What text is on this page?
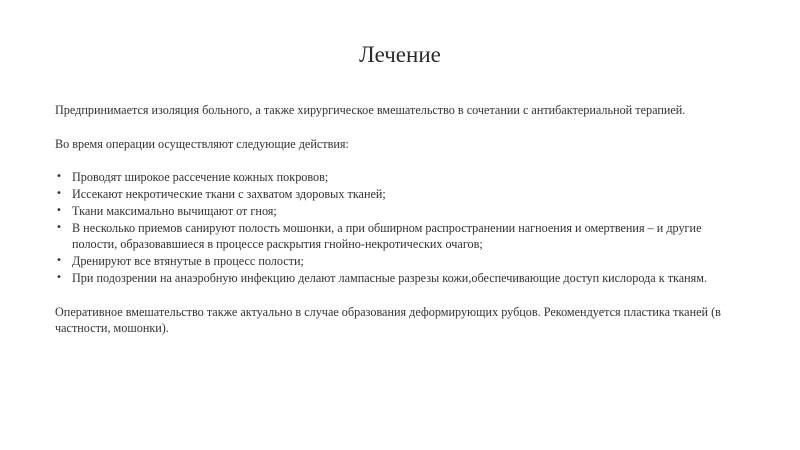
Лечение

Предпринимается изоляция больного, а также хирургическое вмешательство в сочетании с антибактериальной терапией.

Во время операции осуществляют следующие действия:

• Проводят широкое рассечение кожных покровов;
• Иссекают некротические ткани с захватом здоровых тканей;
• Ткани максимально вычищают от гноя;
• В несколько приемов санируют полость мошонки, а при обширном распространении нагноения и омертвения – и другие полости, образовавшиеся в процессе раскрытия гнойно-некротических очагов;
• Дренируют все втянутые в процесс полости;
• При подозрении на анаэробную инфекцию делают лампасные разрезы кожи,обеспечивающие доступ кислорода к тканям.

Оперативное вмешательство также актуально в случае образования деформирующих рубцов. Рекомендуется пластика тканей (в частности, мошонки).
